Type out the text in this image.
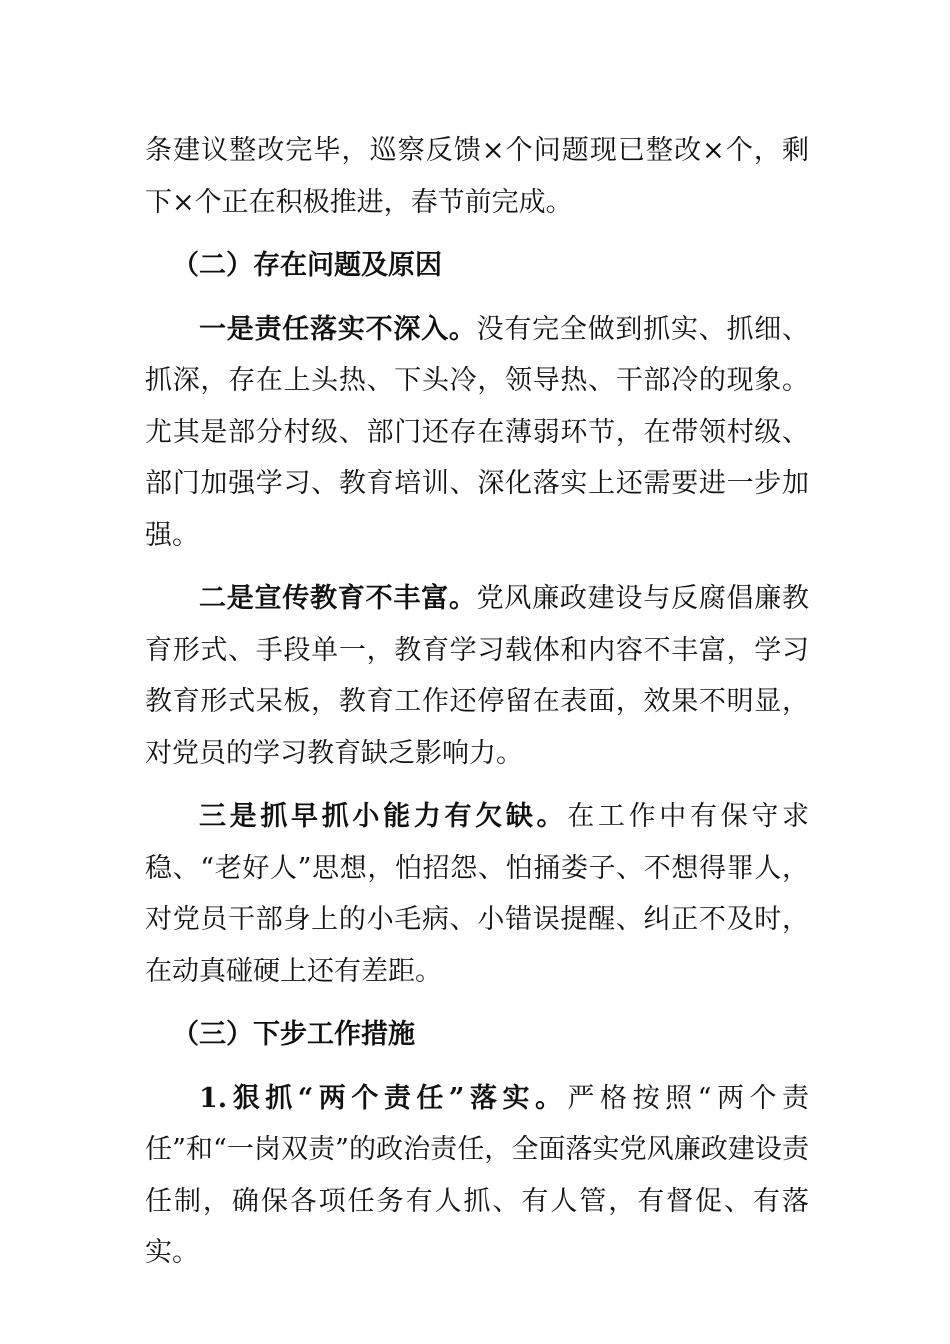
条建议整改完毕，巡察反馈×个问题现已整改×个，剩下×个正在积极推进，春节前完成。

（二）存在问题及原因

一是责任落实不深入。没有完全做到抓实、抓细、抓深，存在上头热、下头冷，领导热、干部冷的现象。尤其是部分村级、部门还存在薄弱环节，在带领村级、部门加强学习、教育培训、深化落实上还需要进一步加强。

二是宣传教育不丰富。党风廉政建设与反腐倡廉教育形式、手段单一，教育学习载体和内容不丰富，学习教育形式呆板，教育工作还停留在表面，效果不明显，对党员的学习教育缺乏影响力。

三是抓早抓小能力有欠缺。在工作中有保守求稳、“老好人”思想，怕招怨、怕捅娄子、不想得罪人，对党员干部身上的小毛病、小错误提醒、纠正不及时，在动真碰硬上还有差距。

（三）下步工作措施

1.狠抓“两个责任”落实。严格按照“两个责任”和“一岗双责”的政治责任，全面落实党风廉政建设责任制，确保各项任务有人抓、有人管，有督促、有落实。
